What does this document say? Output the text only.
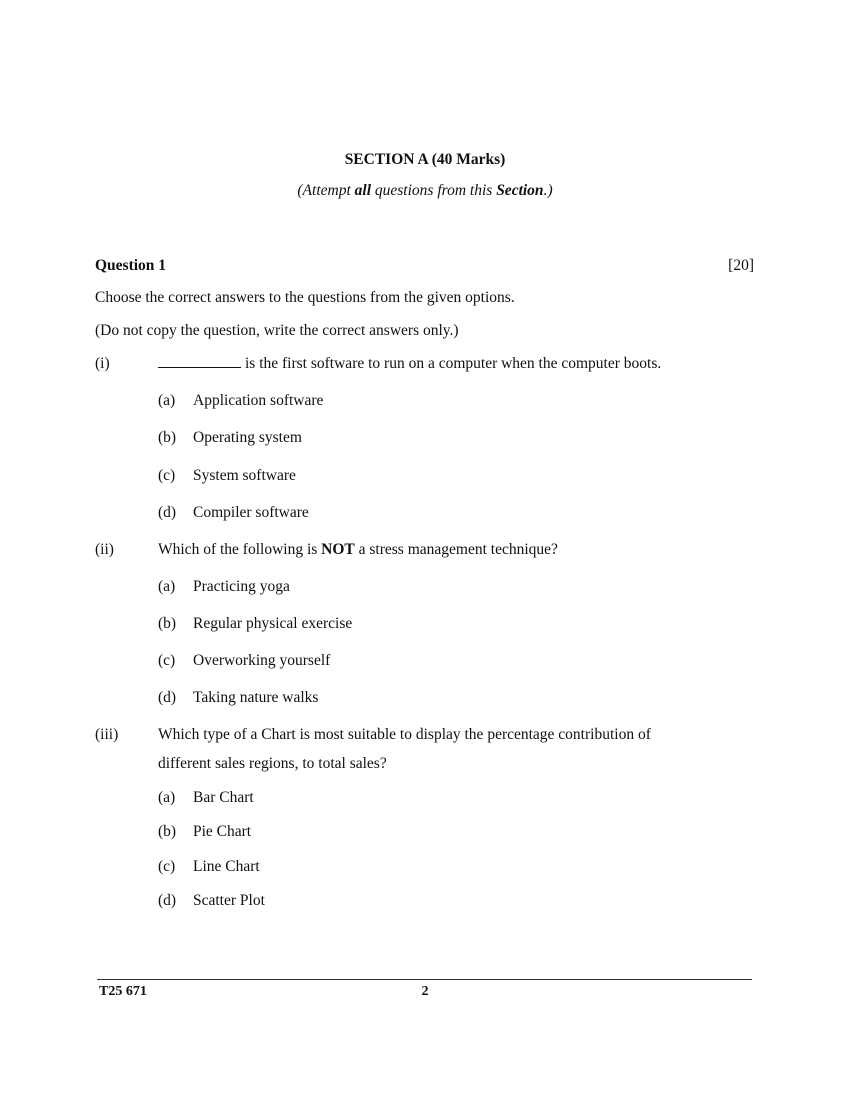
SECTION A (40 Marks)
(Attempt all questions from this Section.)
Question 1	[20]
Choose the correct answers to the questions from the given options.
(Do not copy the question, write the correct answers only.)
(i)	is the first software to run on a computer when the computer boots.
(a) Application software
(b) Operating system
(c) System software
(d) Compiler software
(ii)	Which of the following is NOT a stress management technique?
(a) Practicing yoga
(b) Regular physical exercise
(c) Overworking yourself
(d) Taking nature walks
(iii)	Which type of a Chart is most suitable to display the percentage contribution of
different sales regions, to total sales?
(a) Bar Chart
(b) Pie Chart
(c) Line Chart
(d) Scatter Plot
T25 671	2
